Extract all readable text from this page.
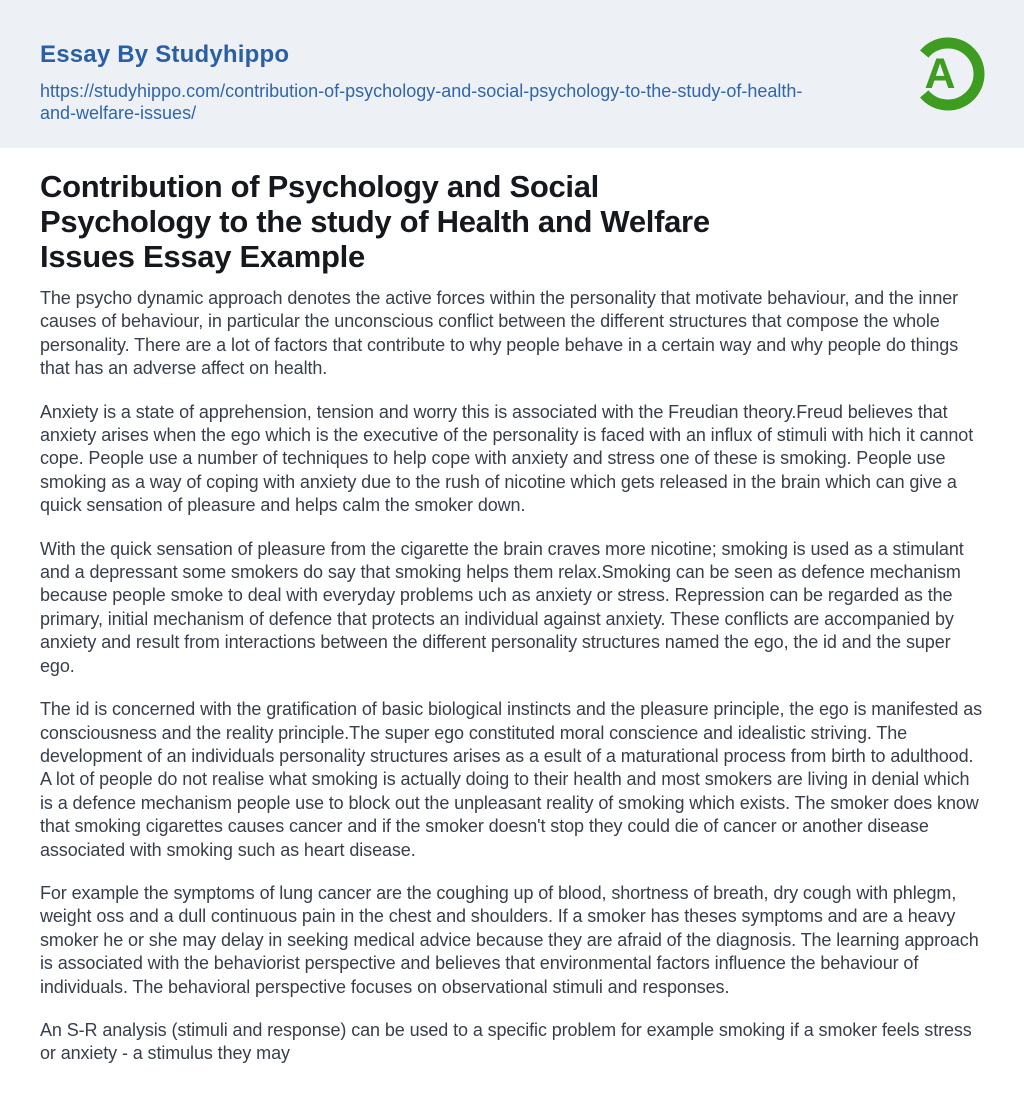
Essay By Studyhippo
https://studyhippo.com/contribution-of-psychology-and-social-psychology-to-the-study-of-health-and-welfare-issues/
A
Contribution of Psychology and Social
Psychology to the study of Health and Welfare
Issues Essay Example

The psycho dynamic approach denotes the active forces within the personality that motivate behaviour, and the inner causes of behaviour, in particular the unconscious conflict between the different structures that compose the whole personality. There are a lot of factors that contribute to why people behave in a certain way and why people do things that has an adverse affect on health.

Anxiety is a state of apprehension, tension and worry this is associated with the Freudian theory.Freud believes that anxiety arises when the ego which is the executive of the personality is faced with an influx of stimuli with hich it cannot cope. People use a number of techniques to help cope with anxiety and stress one of these is smoking. People use smoking as a way of coping with anxiety due to the rush of nicotine which gets released in the brain which can give a quick sensation of pleasure and helps calm the smoker down.

With the quick sensation of pleasure from the cigarette the brain craves more nicotine; smoking is used as a stimulant and a depressant some smokers do say that smoking helps them relax.Smoking can be seen as defence mechanism because people smoke to deal with everyday problems uch as anxiety or stress. Repression can be regarded as the primary, initial mechanism of defence that protects an individual against anxiety. These conflicts are accompanied by anxiety and result from interactions between the different personality structures named the ego, the id and the super ego.

The id is concerned with the gratification of basic biological instincts and the pleasure principle, the ego is manifested as consciousness and the reality principle.The super ego constituted moral conscience and idealistic striving. The development of an individuals personality structures arises as a esult of a maturational process from birth to adulthood. A lot of people do not realise what smoking is actually doing to their health and most smokers are living in denial which is a defence mechanism people use to block out the unpleasant reality of smoking which exists. The smoker does know that smoking cigarettes causes cancer and if the smoker doesn't stop they could die of cancer or another disease associated with smoking such as heart disease.

For example the symptoms of lung cancer are the coughing up of blood, shortness of breath, dry cough with phlegm, weight oss and a dull continuous pain in the chest and shoulders. If a smoker has theses symptoms and are a heavy smoker he or she may delay in seeking medical advice because they are afraid of the diagnosis. The learning approach is associated with the behaviorist perspective and believes that environmental factors influence the behaviour of individuals. The behavioral perspective focuses on observational stimuli and responses.

An S-R analysis (stimuli and response) can be used to a specific problem for example smoking if a smoker feels stress or anxiety - a stimulus they may
